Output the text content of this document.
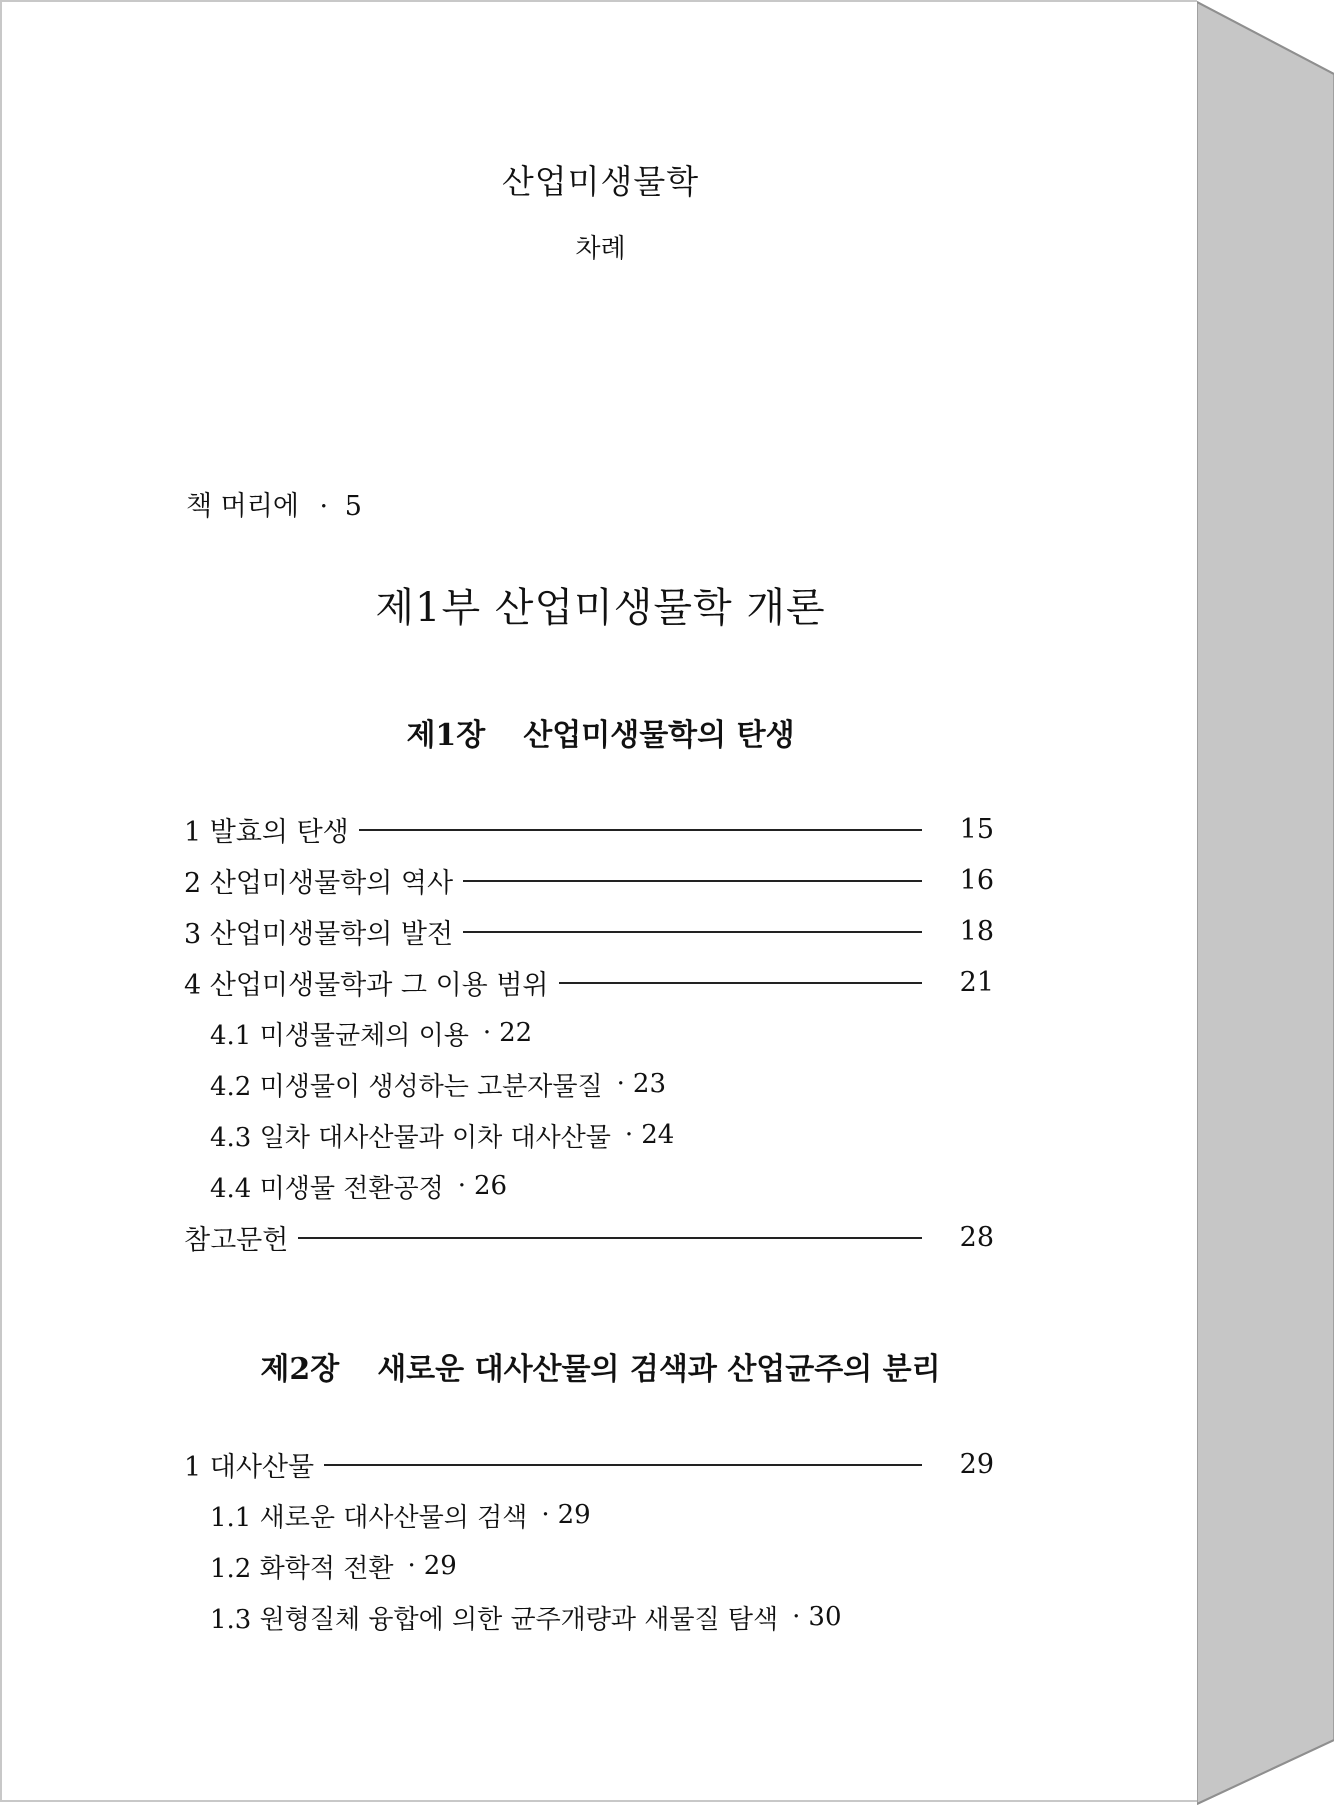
산업미생물학
차례
책 머리에 · 5
제1부 산업미생물학 개론
제1장 산업미생물학의 탄생
1 발효의 탄생	15
2 산업미생물학의 역사	16
3 산업미생물학의 발전	18
4 산업미생물학과 그 이용 범위	21
4.1 미생물균체의 이용 · 22
4.2 미생물이 생성하는 고분자물질 · 23
4.3 일차 대사산물과 이차 대사산물 · 24
4.4 미생물 전환공정 · 26
참고문헌	28
제2장 새로운 대사산물의 검색과 산업균주의 분리
1 대사산물	29
1.1 새로운 대사산물의 검색 · 29
1.2 화학적 전환 · 29
1.3 원형질체 융합에 의한 균주개량과 새물질 탐색 · 30
